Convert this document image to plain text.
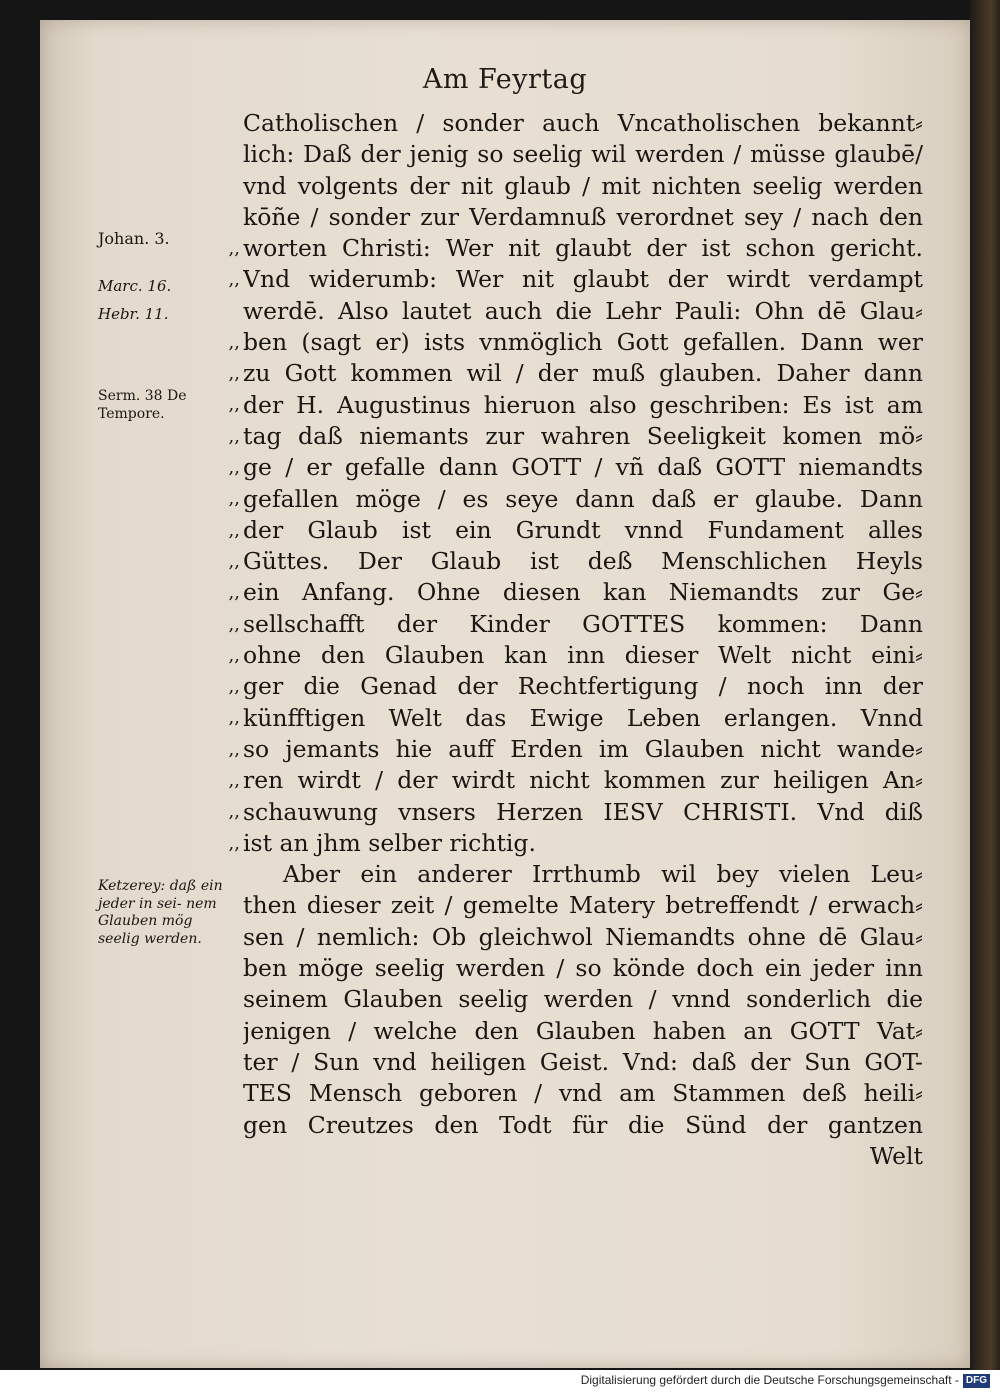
Am Feyrtag
Johan. 3.
Marc. 16.
Hebr. 11.
Serm. 38 De Tempore.
Ketzerey: daß ein jeder in sei- nem Glauben mög seelig werden.
,,
,,
,,
,,
,,
,,
,,
,,
,,
,,
,,
,,
,,
,,
,,
,,
,,
,,
,,
Catholischen / sonder auch Vncatholischen bekannt⸗
lich: Daß der jenig so seelig wil werden / müsse glaubē/
vnd volgents der nit glaub / mit nichten seelig werden
kōñe / sonder zur Verdamnuß verordnet sey / nach den
worten Christi: Wer nit glaubt der ist schon gericht.
Vnd widerumb: Wer nit glaubt der wirdt verdampt
werdē. Also lautet auch die Lehr Pauli: Ohn dē Glau⸗
ben (sagt er) ists vnmöglich Gott gefallen. Dann wer
zu Gott kommen wil / der muß glauben. Daher dann
der H. Augustinus hieruon also geschriben: Es ist am
tag daß niemants zur wahren Seeligkeit komen mö⸗
ge / er gefalle dann GOTT / vñ daß GOTT niemandts
gefallen möge / es seye dann daß er glaube. Dann
der Glaub ist ein Grundt vnnd Fundament alles
Güttes. Der Glaub ist deß Menschlichen Heyls
ein Anfang. Ohne diesen kan Niemandts zur Ge⸗
sellschafft der Kinder GOTTES kommen: Dann
ohne den Glauben kan inn dieser Welt nicht eini⸗
ger die Genad der Rechtfertigung / noch inn der
künfftigen Welt das Ewige Leben erlangen. Vnnd
so jemants hie auff Erden im Glauben nicht wande⸗
ren wirdt / der wirdt nicht kommen zur heiligen An⸗
schauwung vnsers Herzen IESV CHRISTI. Vnd diß
ist an jhm selber richtig.
Aber ein anderer Irrthumb wil bey vielen Leu⸗
then dieser zeit / gemelte Matery betreffendt / erwach⸗
sen / nemlich: Ob gleichwol Niemandts ohne dē Glau⸗
ben möge seelig werden / so könde doch ein jeder inn
seinem Glauben seelig werden / vnnd sonderlich die
jenigen / welche den Glauben haben an GOTT Vat⸗
ter / Sun vnd heiligen Geist. Vnd: daß der Sun GOT-
TES Mensch geboren / vnd am Stammen deß heili⸗
gen Creutzes den Todt für die Sünd der gantzen
Welt
Digitalisierung gefördert durch die Deutsche Forschungsgemeinschaft - DFG
